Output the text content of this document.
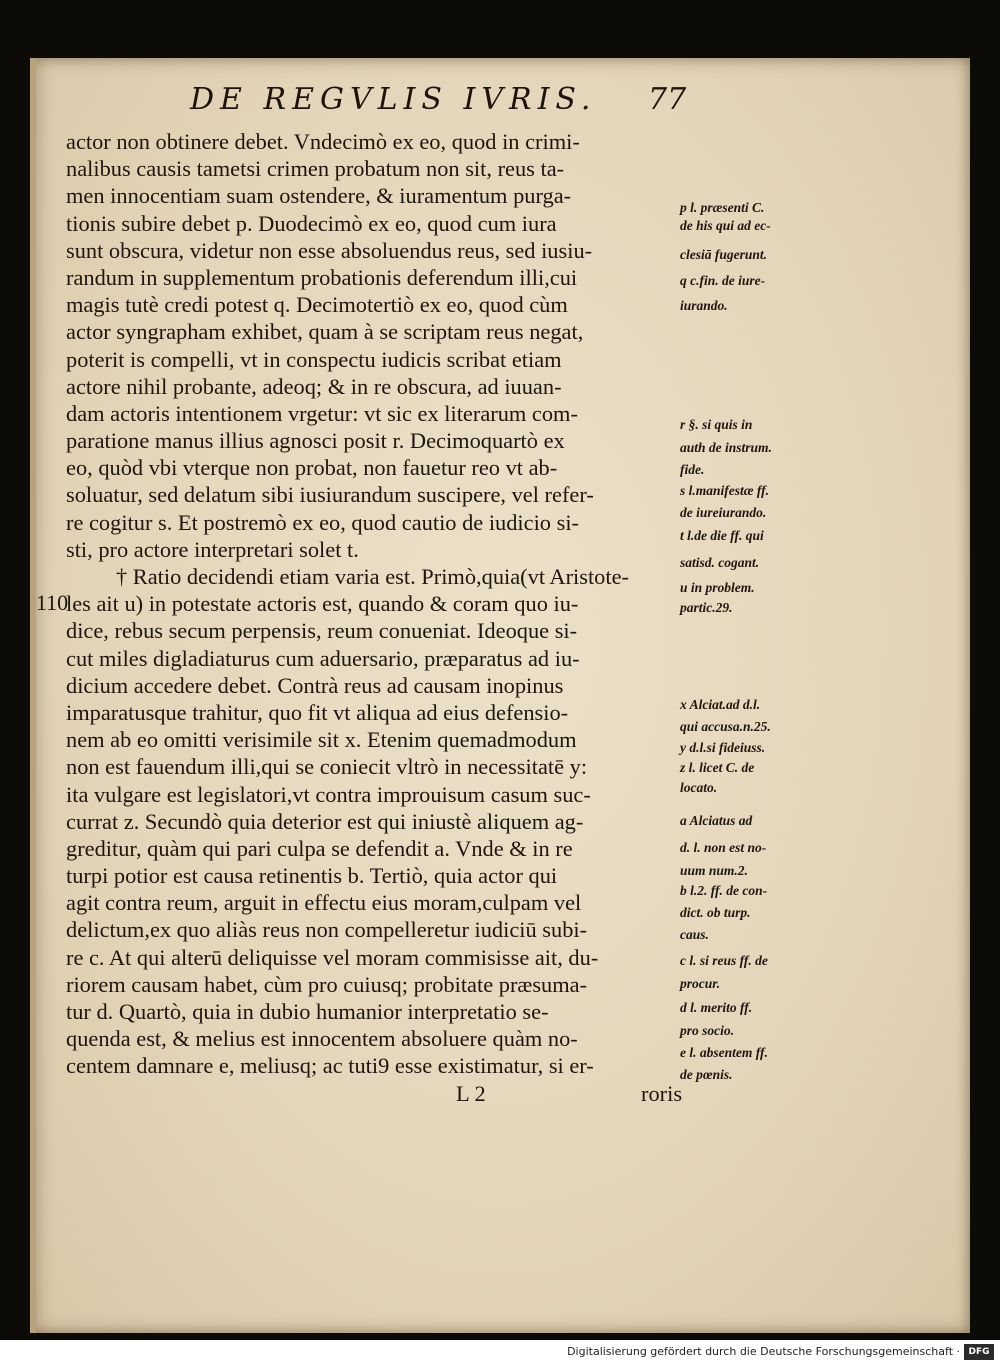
DE REGVLIS IVRIS. 77
110
actor non obtinere debet. Vndecimò ex eo, quod in crimi-
nalibus causis tametsi crimen probatum non sit, reus ta-
men innocentiam suam ostendere, & iuramentum purga-
tionis subire debet p. Duodecimò ex eo, quod cum iura
sunt obscura, videtur non esse absoluendus reus, sed iusiu-
randum in supplementum probationis deferendum illi,cui
magis tutè credi potest q. Decimotertiò ex eo, quod cùm
actor syngrapham exhibet, quam à se scriptam reus negat,
poterit is compelli, vt in conspectu iudicis scribat etiam
actore nihil probante, adeoq; & in re obscura, ad iuuan-
dam actoris intentionem vrgetur: vt sic ex literarum com-
paratione manus illius agnosci posit r. Decimoquartò ex
eo, quòd vbi vterque non probat, non fauetur reo vt ab-
soluatur, sed delatum sibi iusiurandum suscipere, vel refer-
re cogitur s. Et postremò ex eo, quod cautio de iudicio si-
sti, pro actore interpretari solet t.
† Ratio decidendi etiam varia est. Primò,quia(vt Aristote-
les ait u) in potestate actoris est, quando & coram quo iu-
dice, rebus secum perpensis, reum conueniat. Ideoque si-
cut miles digladiaturus cum aduersario, præparatus ad iu-
dicium accedere debet. Contrà reus ad causam inopinus
imparatusque trahitur, quo fit vt aliqua ad eius defensio-
nem ab eo omitti verisimile sit x. Etenim quemadmodum
non est fauendum illi,qui se coniecit vltrò in necessitatē y:
ita vulgare est legislatori,vt contra improuisum casum suc-
currat z. Secundò quia deterior est qui iniustè aliquem ag-
greditur, quàm qui pari culpa se defendit a. Vnde & in re
turpi potior est causa retinentis b. Tertiò, quia actor qui
agit contra reum, arguit in effectu eius moram,culpam vel
delictum,ex quo aliàs reus non compelleretur iudiciū subi-
re c. At qui alterū deliquisse vel moram commisisse ait, du-
riorem causam habet, cùm pro cuiusq; probitate præsuma-
tur d. Quartò, quia in dubio humanior interpretatio se-
quenda est, & melius est innocentem absoluere quàm no-
centem damnare e, meliusq; ac tuti9 esse existimatur, si er-
L 2	roris
p l. præsenti C.
de his qui ad ec-
clesiā fugerunt.
q c.fin. de iure-
iurando.
r §. si quis in
auth de instrum.
fide.
s l.manifestæ ff.
de iureiurando.
t l.de die ff. qui
satisd. cogant.
u in problem.
partic.29.
x Alciat.ad d.l.
qui accusa.n.25.
y d.l.si fideiuss.
z l. licet C. de
locato.
a Alciatus ad
d. l. non est no-
uum num.2.
b l.2. ff. de con-
dict. ob turp.
caus.
c l. si reus ff. de
procur.
d l. merito ff.
pro socio.
e l. absentem ff.
de pœnis.
Digitalisierung gefördert durch die Deutsche Forschungsgemeinschaft · DFG
